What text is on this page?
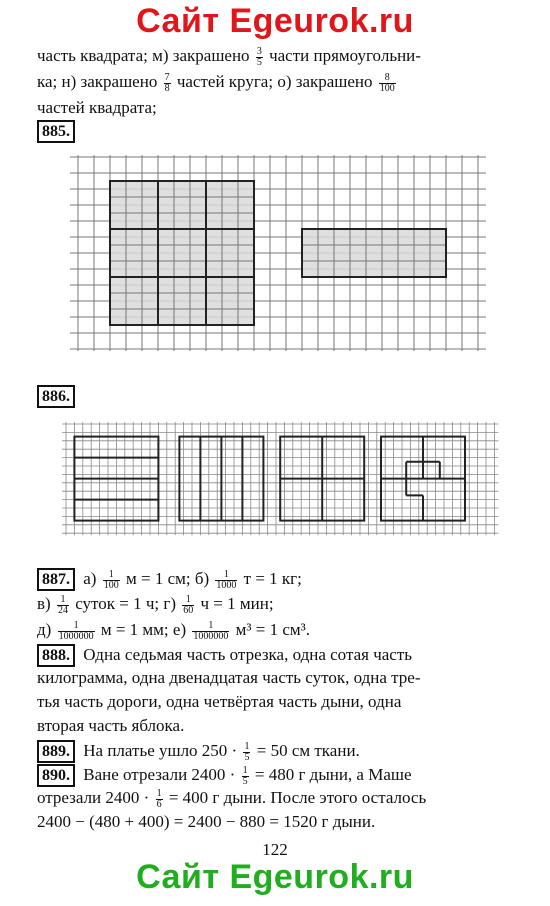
Сайт Egeurok.ru
часть квадрата; м) закрашено $\frac{3}{5}$ части прямоугольни-
ка; н) закрашено $\frac{7}{8}$ частей круга; о) закрашено $\frac{8}{100}$
частей квадрата;
885.
886.
887. $а) \frac{1}{100}$ м = 1 см; $б) \frac{1}{1000}$ т = 1 кг;
$в) \frac{1}{24}$ суток = 1 ч; $г) \frac{1}{60}$ ч = 1 мин;
$д) \frac{1}{1000000}$ м = 1 мм; $е) \frac{1}{1000000} м^3 = 1$ см³.
888. Одна седьмая часть отрезка, одна сотая часть
килограмма, одна двенадцатая часть суток, одна тре-
тья часть дороги, одна четвёртая часть дыни, одна
вторая часть яблока.
889. На платье ушло $250 \cdot \frac{1}{5} = 50$ см ткани.
890. Ване отрезали $2400 \cdot \frac{1}{5} = 480$ г дыни, а Маше
отрезали $2400 \cdot \frac{1}{6} = 400$ г дыни. После этого осталось
2400 − (480 + 400) = 2400 − 880 = 1520 г дыни.
122
Сайт Egeurok.ru
